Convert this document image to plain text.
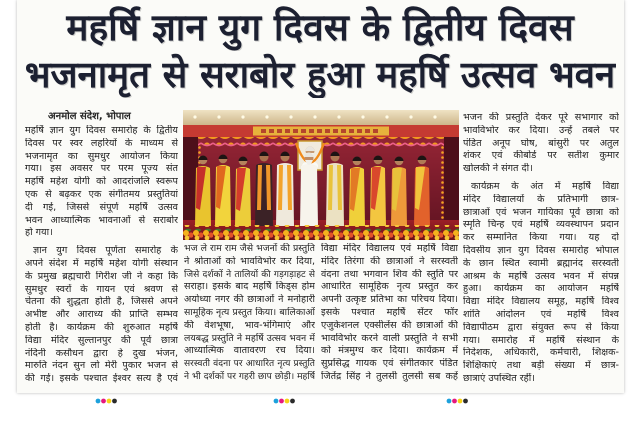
महर्षि ज्ञान युग दिवस के द्वितीय दिवस
भजनामृत से सराबोर हुआ महर्षि उत्सव भवन
अनमोल संदेश, भोपाल
महर्षि ज्ञान युग दिवस समारोह के द्वितीय
दिवस पर स्वर लहरियों के माध्यम से
भजनामृत का सुमधुर आयोजन किया
गया। इस अवसर पर परम पूज्य संत
महर्षि महेश योगी को आदरांजलि स्वरूप
एक से बढ़कर एक संगीतमय प्रस्तुतियां
दी गई, जिससे संपूर्ण महर्षि उत्सव
भवन आध्यात्मिक भावनाओं से सराबोर
हो गया।
ज्ञान युग दिवस पूर्णता समारोह के
अपने संदेश में महर्षि महेश योगी संस्थान
के प्रमुख ब्रह्मचारी गिरीश जी ने कहा कि
सुमधुर स्वरों के गायन एवं श्रवण से
चेतना की शुद्धता होती है, जिससे अपने
अभीष्ट और आराध्य की प्राप्ति सम्भव
होती है। कार्यक्रम की शुरुआत महर्षि
विद्या मंदिर सुल्तानपुर की पूर्व छात्रा
नंदिनी कसौधन द्वारा हे दुख भंजन,
मारुति नंदन सुन लो मेरी पुकार भजन से
की गई। इसके पश्चात ईश्वर सत्य है एवं
भज ले राम राम जैसे भजनों की प्रस्तुति
ने श्रोताओं को भावविभोर कर दिया,
जिसे दर्शकों ने तालियों की गड़गड़ाहट से
सराहा। इसके बाद महर्षि किड्स होम
अयोध्या नगर की छात्राओं ने मनोहारी
सामूहिक नृत्य प्रस्तुत किया। बालिकाओं
की वेशभूषा, भाव-भंगिमाएं और
लयबद्ध प्रस्तुति ने महर्षि उत्सव भवन में
आध्यात्मिक वातावरण रच दिया।
सरस्वती वंदना पर आधारित नृत्य प्रस्तुति
ने भी दर्शकों पर गहरी छाप छोड़ी। महर्षि
विद्या मंदिर विद्यालय एवं महर्षि विद्या
मंदिर तिरंगा की छात्राओं ने सरस्वती
वंदना तथा भगवान शिव की स्तुति पर
आधारित सामूहिक नृत्य प्रस्तुत कर
अपनी उत्कृष्ट प्रतिभा का परिचय दिया।
इसके पश्चात महर्षि सेंटर फॉर
एजुकेशनल एक्सीलेंस की छात्राओं की
भावविभोर करने वाली प्रस्तुति ने सभी
को मंत्रमुग्ध कर दिया। कार्यक्रम में
सुप्रसिद्ध गायक एवं संगीतकार पंडित
जितेंद्र सिंह ने तुलसी तुलसी सब कहें
भजन की प्रस्तुति देकर पूरे सभागार को
भावविभोर कर दिया। उन्हें तबले पर
पंडित अनूप घोष, बांसुरी पर अतुल
शंकर एवं कीबोर्ड पर सतीश कुमार
खोलकी ने संगत दी।
कार्यक्रम के अंत में महर्षि विद्या
मंदिर विद्यालयों के प्रतिभागी छात्र-
छात्राओं एवं भजन गायिका पूर्व छात्रा को
स्मृति चिन्ह एवं महर्षि व्यवस्थापन प्रदान
कर सम्मानित किया गया। यह दो
दिवसीय ज्ञान युग दिवस समारोह भोपाल
के छान स्थित स्वामी ब्रह्मानंद सरस्वती
आश्रम के महर्षि उत्सव भवन में संपन्न
हुआ। कार्यक्रम का आयोजन महर्षि
विद्या मंदिर विद्यालय समूह, महर्षि विश्व
शांति आंदोलन एवं महर्षि विश्व
विद्यापीठम द्वारा संयुक्त रूप से किया
गया। समारोह में महर्षि संस्थान के
निदेशक, अधिकारी, कर्मचारी, शिक्षक-
शिक्षिकाएं तथा बड़ी संख्या में छात्र-
छात्राएं उपस्थित रहीं।
